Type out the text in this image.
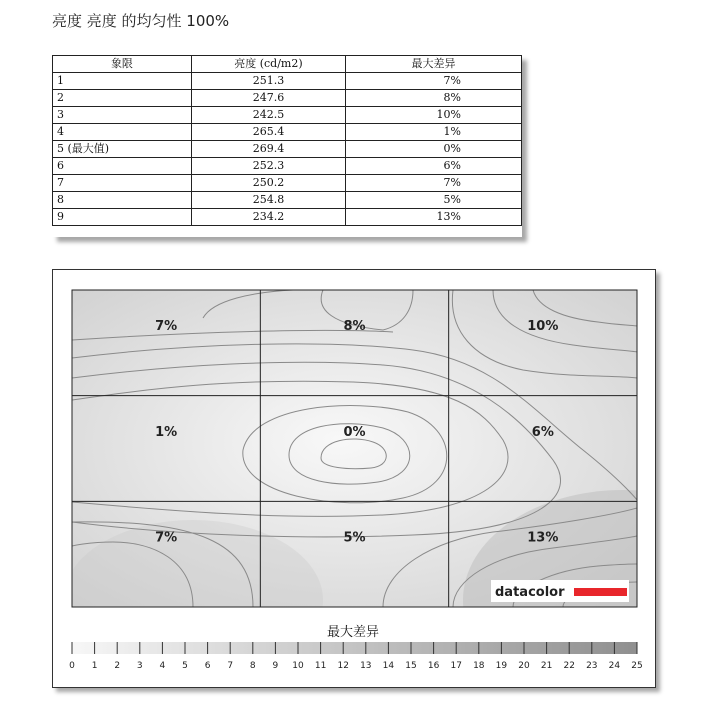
亮度 亮度 的均匀性 100%
象限	亮度 (cd/m2)	最大差异
1	251.3	7%
2	247.6	8%
3	242.5	10%
4	265.4	1%
5 (最大值)	269.4	0%
6	252.3	6%
7	250.2	7%
8	254.8	5%
9	234.2	13%
7%	8%	10%
1%	0%	6%
7%	5%	13%
datacolor
最大差异
0 1 2 3 4 5 6 7 8 9 10 11 12 13 14 15 16 17 18 19 20 21 22 23 24 25
